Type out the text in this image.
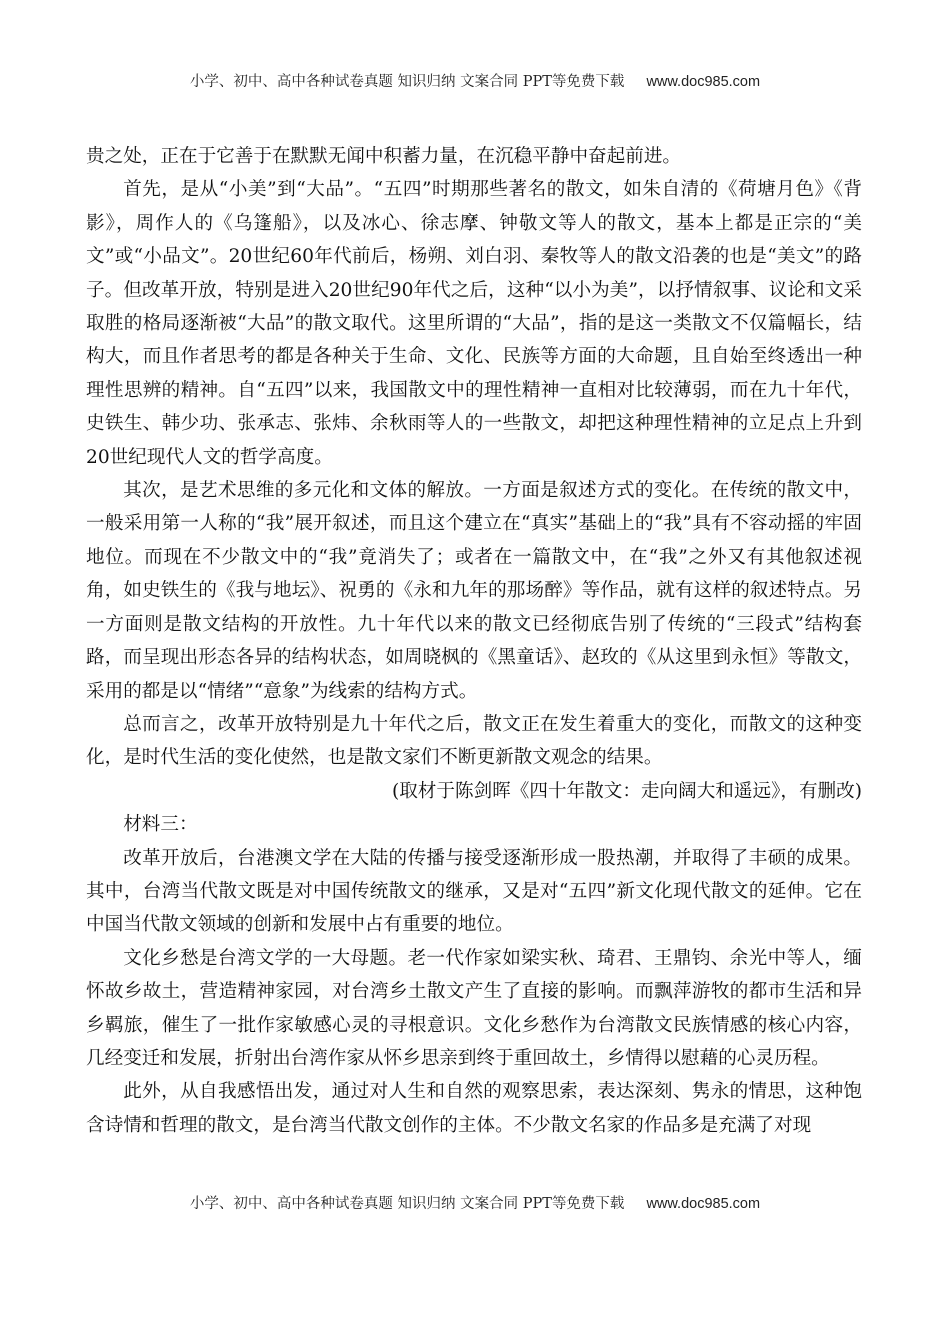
小学、初中、高中各种试卷真题 知识归纳 文案合同 PPT等免费下载 www.doc985.com

贵之处，正在于它善于在默默无闻中积蓄力量，在沉稳平静中奋起前进。

首先，是从“小美”到“大品”。“五四”时期那些著名的散文，如朱自清的《荷塘月色》《背影》，周作人的《乌篷船》，以及冰心、徐志摩、钟敬文等人的散文，基本上都是正宗的“美文”或“小品文”。20世纪60年代前后，杨朔、刘白羽、秦牧等人的散文沿袭的也是“美文”的路子。但改革开放，特别是进入20世纪90年代之后，这种“以小为美”，以抒情叙事、议论和文采取胜的格局逐渐被“大品”的散文取代。这里所谓的“大品”，指的是这一类散文不仅篇幅长，结构大，而且作者思考的都是各种关于生命、文化、民族等方面的大命题，且自始至终透出一种理性思辨的精神。自“五四”以来，我国散文中的理性精神一直相对比较薄弱，而在九十年代，史铁生、韩少功、张承志、张炜、余秋雨等人的一些散文，却把这种理性精神的立足点上升到20世纪现代人文的哲学高度。

其次，是艺术思维的多元化和文体的解放。一方面是叙述方式的变化。在传统的散文中，一般采用第一人称的“我”展开叙述，而且这个建立在“真实”基础上的“我”具有不容动摇的牢固地位。而现在不少散文中的“我”竟消失了；或者在一篇散文中，在“我”之外又有其他叙述视角，如史铁生的《我与地坛》、祝勇的《永和九年的那场醉》等作品，就有这样的叙述特点。另一方面则是散文结构的开放性。九十年代以来的散文已经彻底告别了传统的“三段式”结构套路，而呈现出形态各异的结构状态，如周晓枫的《黑童话》、赵玫的《从这里到永恒》等散文，采用的都是以“情绪”“意象”为线索的结构方式。

总而言之，改革开放特别是九十年代之后，散文正在发生着重大的变化，而散文的这种变化，是时代生活的变化使然，也是散文家们不断更新散文观念的结果。

(取材于陈剑晖《四十年散文：走向阔大和遥远》，有删改)

材料三：

改革开放后，台港澳文学在大陆的传播与接受逐渐形成一股热潮，并取得了丰硕的成果。其中，台湾当代散文既是对中国传统散文的继承，又是对“五四”新文化现代散文的延伸。它在中国当代散文领域的创新和发展中占有重要的地位。

文化乡愁是台湾文学的一大母题。老一代作家如梁实秋、琦君、王鼎钧、余光中等人，缅怀故乡故土，营造精神家园，对台湾乡土散文产生了直接的影响。而飘萍游牧的都市生活和异乡羁旅，催生了一批作家敏感心灵的寻根意识。文化乡愁作为台湾散文民族情感的核心内容，几经变迁和发展，折射出台湾作家从怀乡思亲到终于重回故土，乡情得以慰藉的心灵历程。

此外，从自我感悟出发，通过对人生和自然的观察思索，表达深刻、隽永的情思，这种饱含诗情和哲理的散文，是台湾当代散文创作的主体。不少散文名家的作品多是充满了对现

小学、初中、高中各种试卷真题 知识归纳 文案合同 PPT等免费下载 www.doc985.com
